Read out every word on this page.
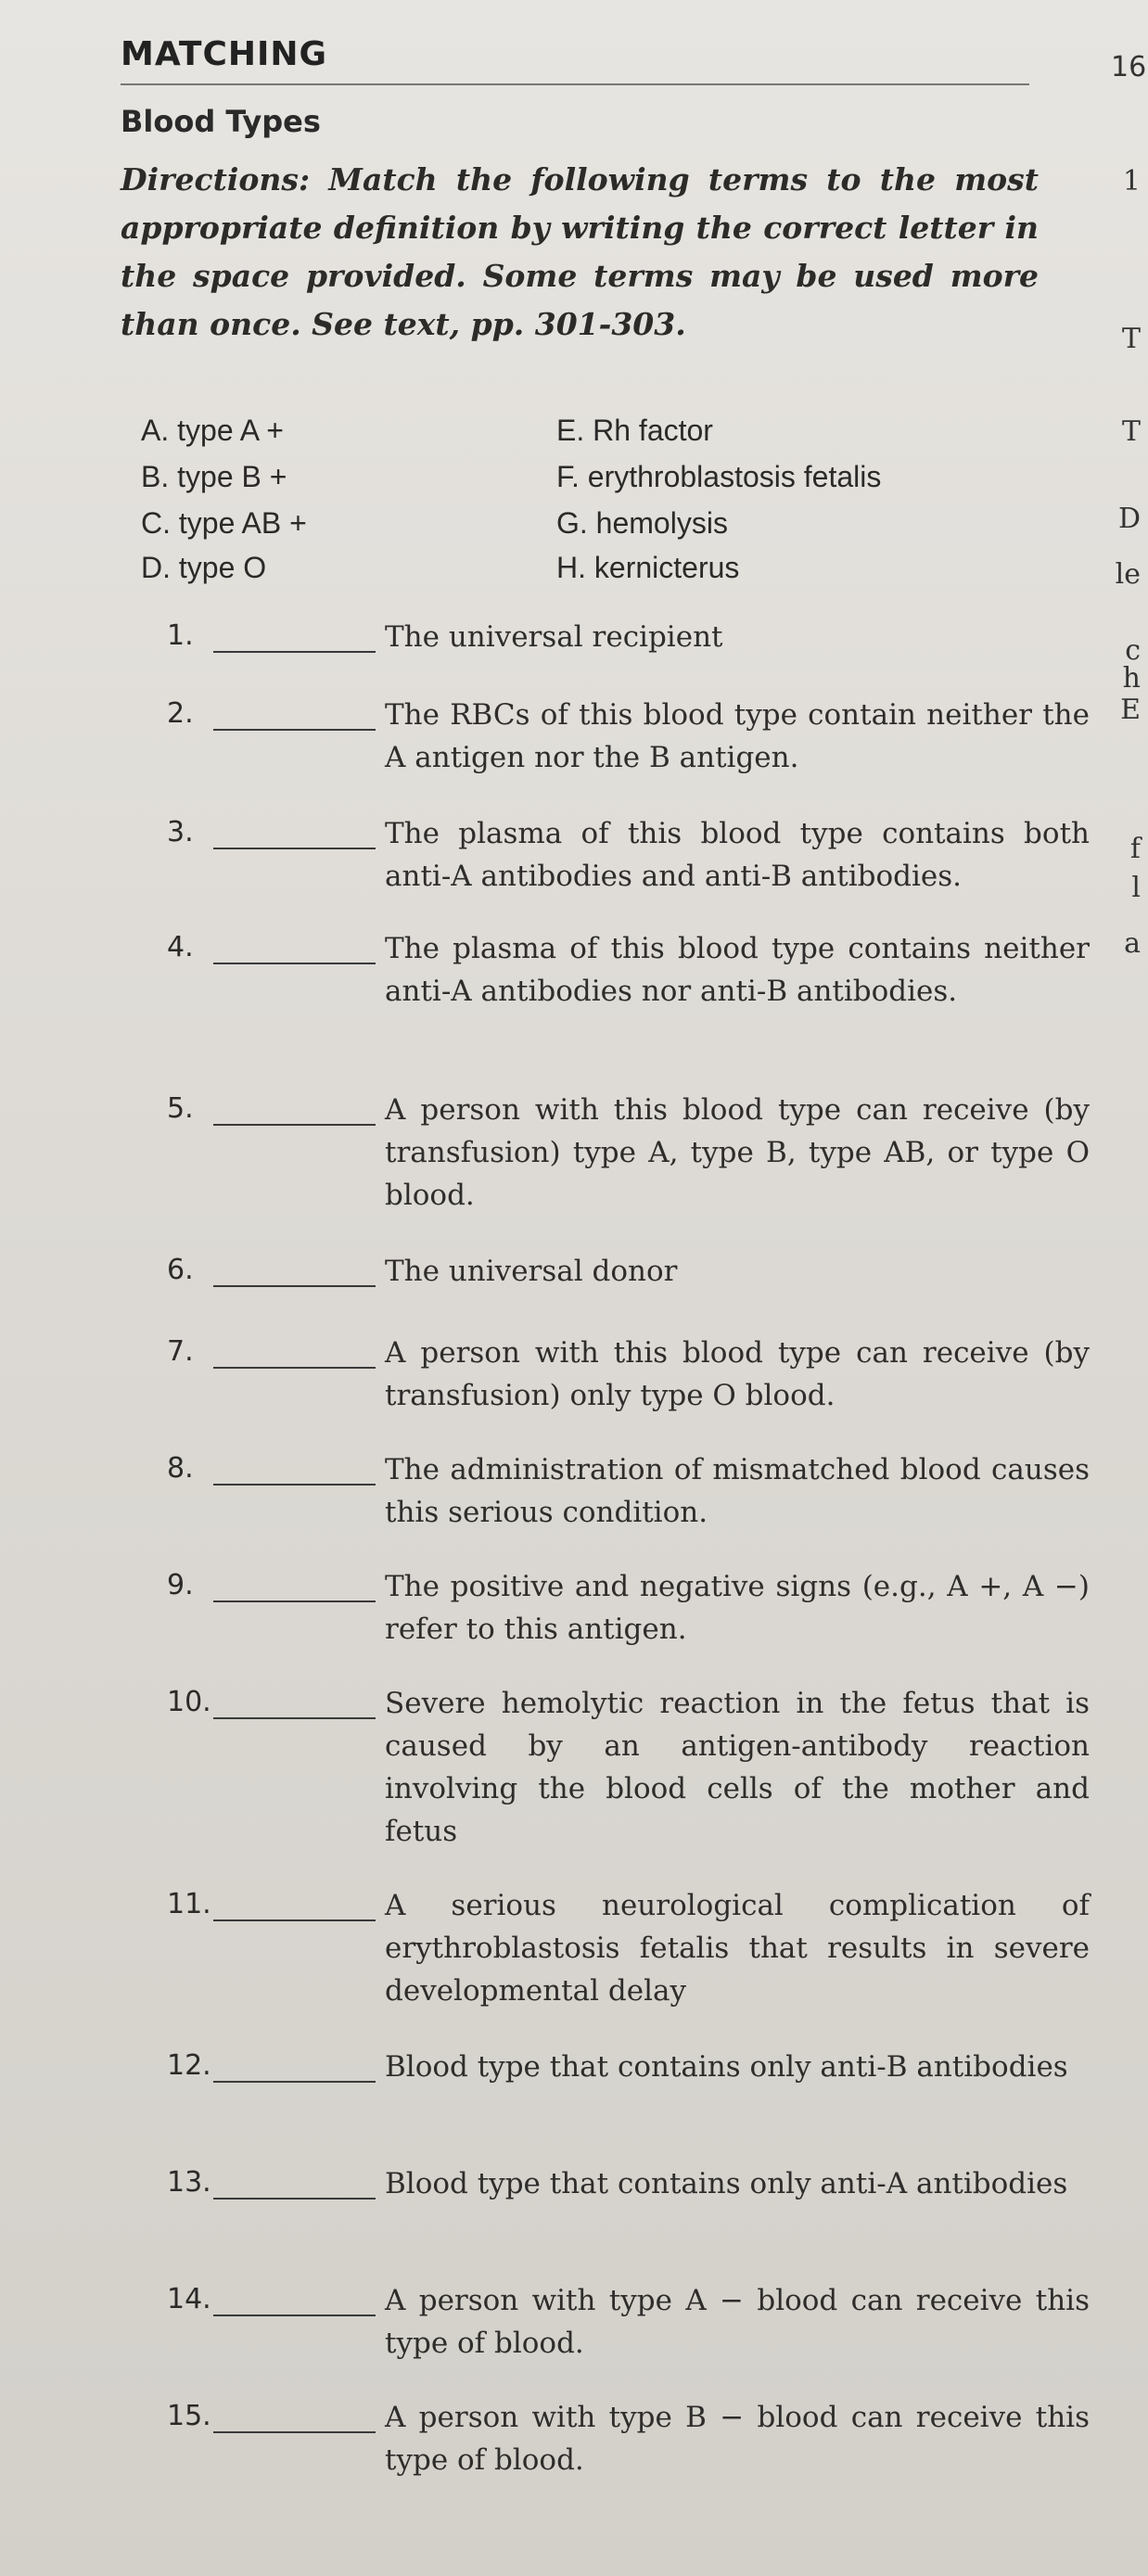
MATCHING	16
Blood Types
Directions: Match the following terms to the most appropriate definition by writing the correct letter in the space provided. Some terms may be used more than once. See text, pp. 301-303.
A. type A +
B. type B +
C. type AB +
D. type O
E. Rh factor
F. erythroblastosis fetalis
G. hemolysis
H. kernicterus
1.	The universal recipient
2.	The RBCs of this blood type contain neither the A antigen nor the B antigen.
3.	The plasma of this blood type contains both anti-A antibodies and anti-B antibodies.
4.	The plasma of this blood type contains neither anti-A antibodies nor anti-B antibodies.
5.	A person with this blood type can receive (by transfusion) type A, type B, type AB, or type O blood.
6.	The universal donor
7.	A person with this blood type can receive (by transfusion) only type O blood.
8.	The administration of mismatched blood causes this serious condition.
9.	The positive and negative signs (e.g., A +, A −) refer to this antigen.
10.	Severe hemolytic reaction in the fetus that is caused by an antigen-antibody reaction involving the blood cells of the mother and fetus
11.	A serious neurological complication of erythroblastosis fetalis that results in severe developmental delay
12.	Blood type that contains only anti-B antibodies
13.	Blood type that contains only anti-A antibodies
14.	A person with type A − blood can receive this type of blood.
15.	A person with type B − blood can receive this type of blood.
1
T
T
D
le
c
h
E
f
l
a
